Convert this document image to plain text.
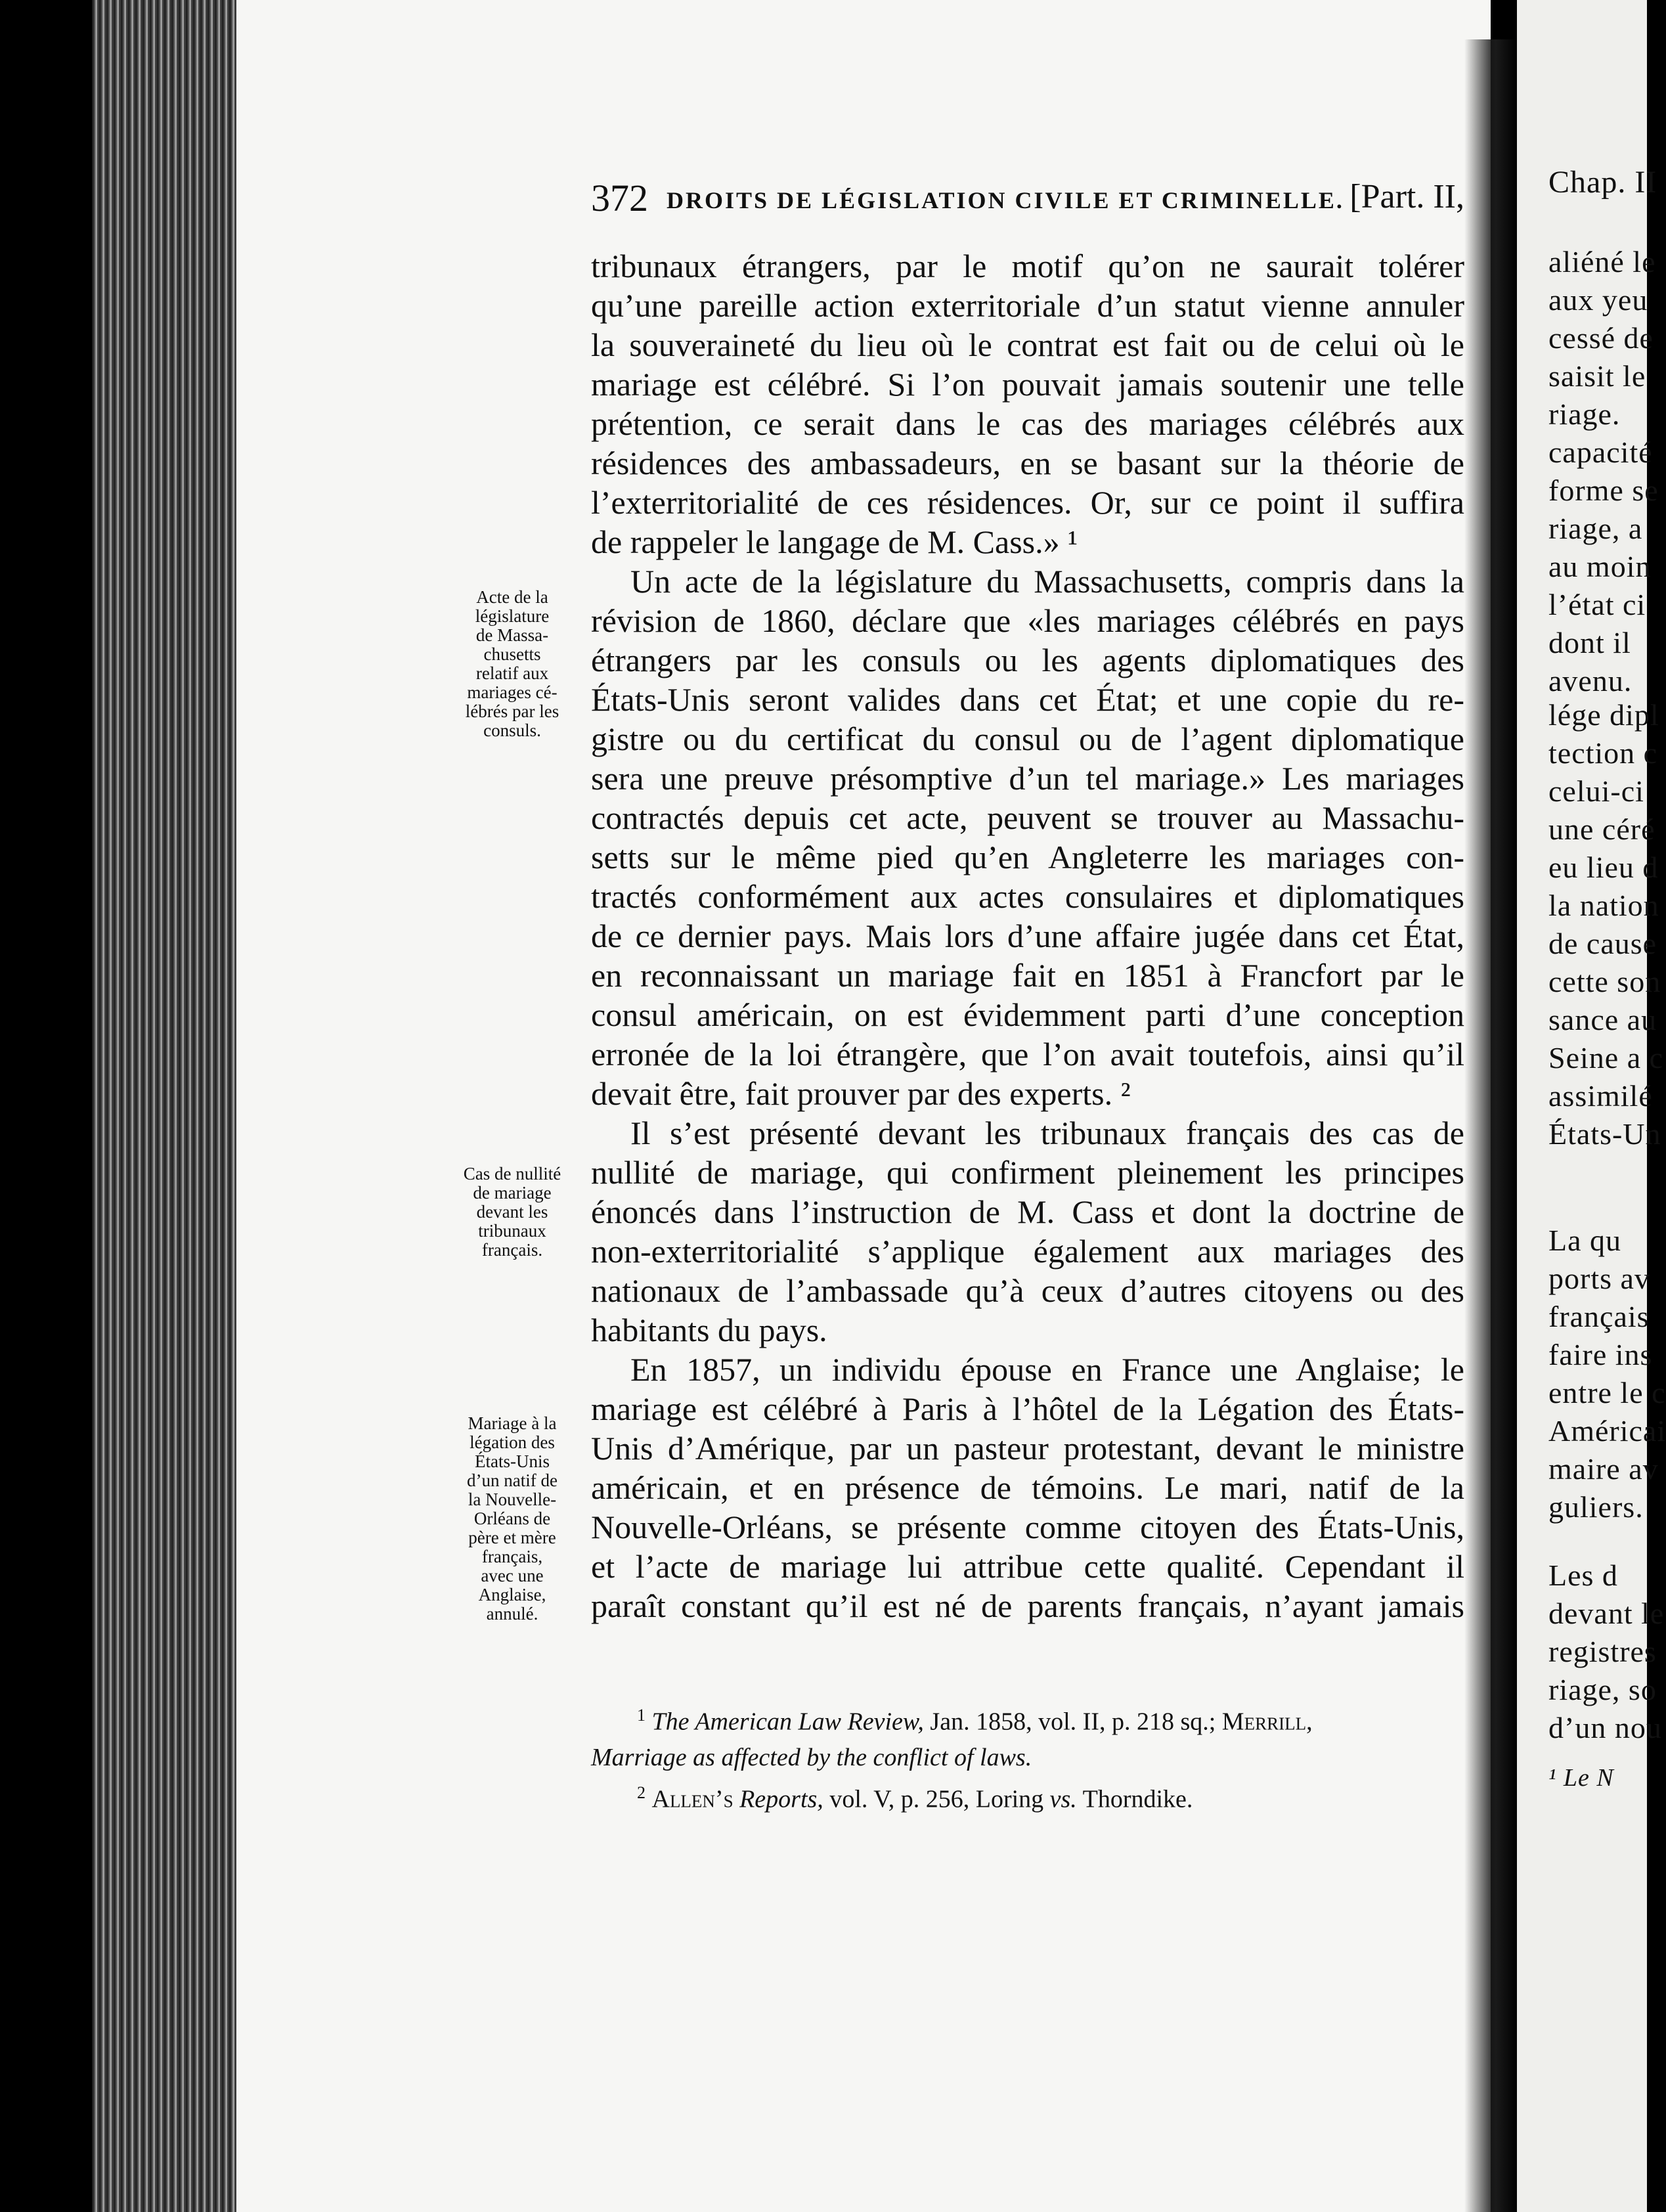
372 DROITS DE LÉGISLATION CIVILE ET CRIMINELLE. [Part. II,
tribunaux étrangers, par le motif qu’on ne saurait tolérer
qu’une pareille action exterritoriale d’un statut vienne annuler
la souveraineté du lieu où le contrat est fait ou de celui où le
mariage est célébré. Si l’on pouvait jamais soutenir une telle
prétention, ce serait dans le cas des mariages célébrés aux
résidences des ambassadeurs, en se basant sur la théorie de
l’exterritorialité de ces résidences. Or, sur ce point il suffira
de rappeler le langage de M. Cass.» ¹
Un acte de la législature du Massachusetts, compris dans la
révision de 1860, déclare que «les mariages célébrés en pays
étrangers par les consuls ou les agents diplomatiques des
États-Unis seront valides dans cet État; et une copie du re-
gistre ou du certificat du consul ou de l’agent diplomatique
sera une preuve présomptive d’un tel mariage.» Les mariages
contractés depuis cet acte, peuvent se trouver au Massachu-
setts sur le même pied qu’en Angleterre les mariages con-
tractés conformément aux actes consulaires et diplomatiques
de ce dernier pays. Mais lors d’une affaire jugée dans cet État,
en reconnaissant un mariage fait en 1851 à Francfort par le
consul américain, on est évidemment parti d’une conception
erronée de la loi étrangère, que l’on avait toutefois, ainsi qu’il
devait être, fait prouver par des experts. ²
Il s’est présenté devant les tribunaux français des cas de
nullité de mariage, qui confirment pleinement les principes
énoncés dans l’instruction de M. Cass et dont la doctrine de
non-exterritorialité s’applique également aux mariages des
nationaux de l’ambassade qu’à ceux d’autres citoyens ou des
habitants du pays.
En 1857, un individu épouse en France une Anglaise; le
mariage est célébré à Paris à l’hôtel de la Légation des États-
Unis d’Amérique, par un pasteur protestant, devant le ministre
américain, et en présence de témoins. Le mari, natif de la
Nouvelle-Orléans, se présente comme citoyen des États-Unis,
et l’acte de mariage lui attribue cette qualité. Cependant il
paraît constant qu’il est né de parents français, n’ayant jamais
Acte de la
législature
de Massa-
chusetts
relatif aux
mariages cé-
lébrés par les
consuls.
Cas de nullité
de mariage
devant les
tribunaux
français.
Mariage à la
légation des
États-Unis
d’un natif de
la Nouvelle-
Orléans de
père et mère
français,
avec une
Anglaise,
annulé.
$^1$ The American Law Review, Jan. 1858, vol. II, p. 218 sq.; Merrill,
Marriage as affected by the conflict of laws.
$^2$ Allen’s Reports, vol. V, p. 256, Loring vs. Thorndike.
Chap. II
aliéné le
aux yeu
cessé de
saisit le
riage.
capacité
forme se
riage, a
au moin
l’état ci
dont il
avenu.
lége dipl
tection c
celui-ci
une céré
eu lieu d
la nation
de cause
cette son
sance au
Seine a c
assimilé
États-Un
La qu
ports av
français
faire ins
entre le c
Américai
maire av
guliers.
Les d
devant le
registres
riage, so
d’un nou
¹ Le N
